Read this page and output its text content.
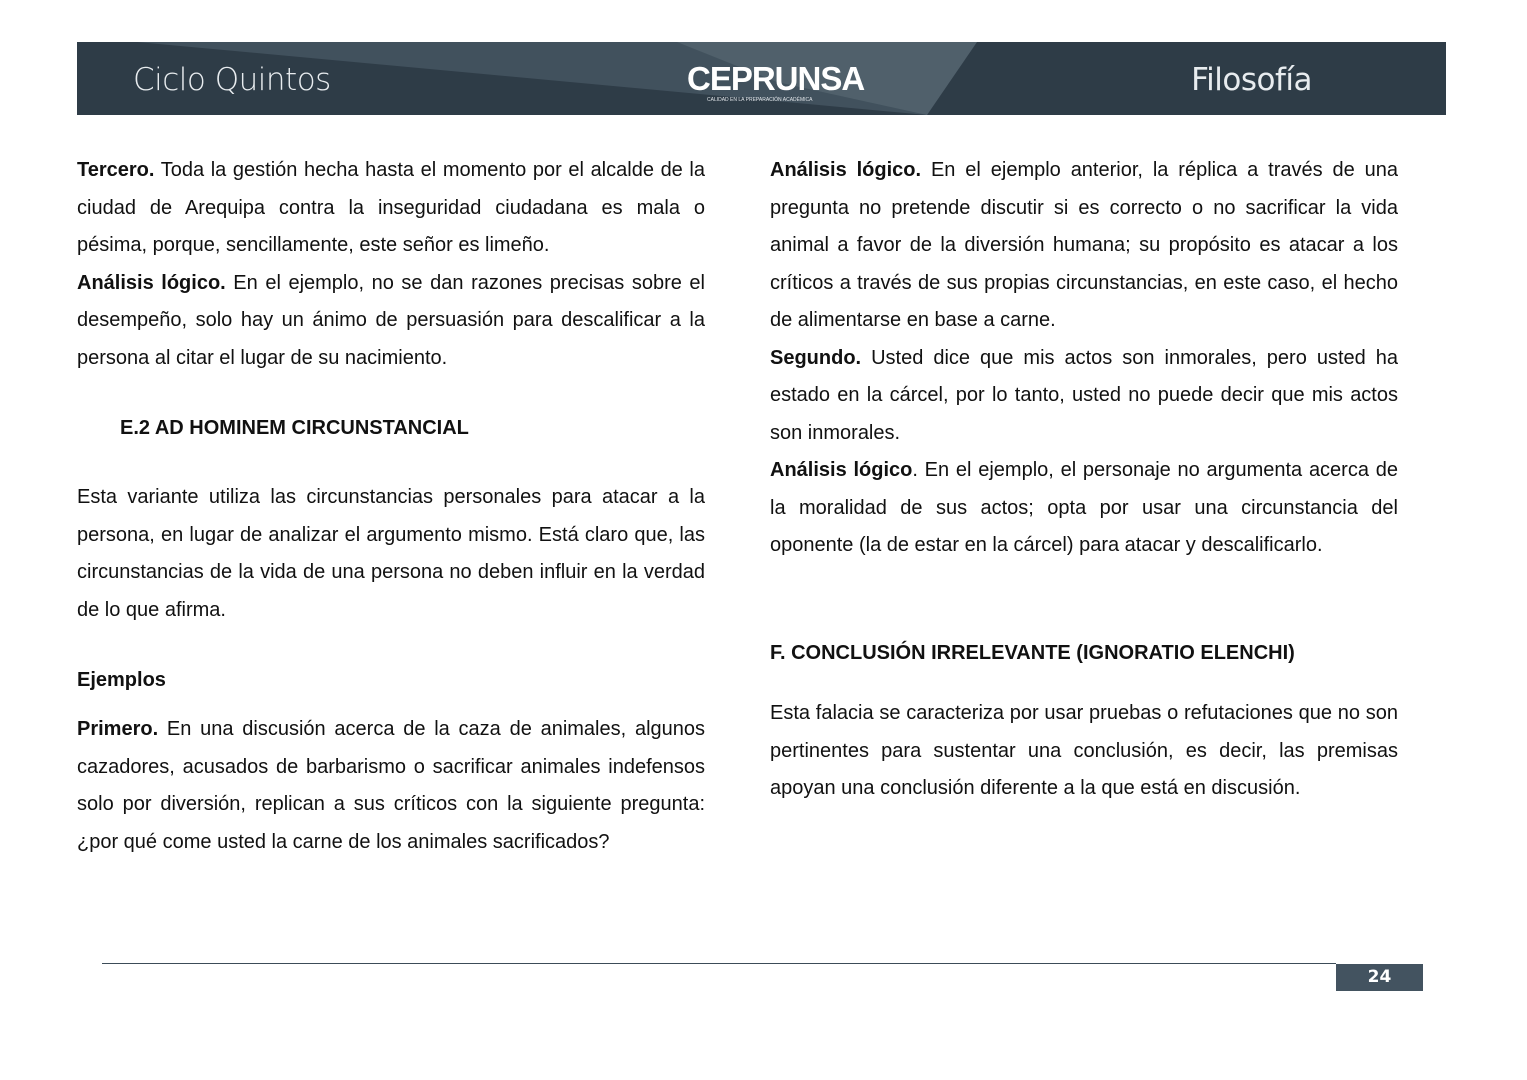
Ciclo Quintos	CEPRUNSA
CALIDAD EN LA PREPARACIÓN ACADÉMICA
Filosofía

Tercero. Toda la gestión hecha hasta el momento por el alcalde de la ciudad de Arequipa contra la inseguridad ciudadana es mala o pésima, porque, sencillamente, este señor es limeño.

Análisis lógico. En el ejemplo, no se dan razones precisas sobre el desempeño, solo hay un ánimo de persuasión para descalificar a la persona al citar el lugar de su nacimiento.

E.2 AD HOMINEM CIRCUNSTANCIAL

Esta variante utiliza las circunstancias personales para atacar a la persona, en lugar de analizar el argumento mismo. Está claro que, las circunstancias de la vida de una persona no deben influir en la verdad de lo que afirma.

Ejemplos

Primero. En una discusión acerca de la caza de animales, algunos cazadores, acusados de barbarismo o sacrificar animales indefensos solo por diversión, replican a sus críticos con la siguiente pregunta: ¿por qué come usted la carne de los animales sacrificados?

Análisis lógico. En el ejemplo anterior, la réplica a través de una pregunta no pretende discutir si es correcto o no sacrificar la vida animal a favor de la diversión humana; su propósito es atacar a los críticos a través de sus propias circunstancias, en este caso, el hecho de alimentarse en base a carne.

Segundo. Usted dice que mis actos son inmorales, pero usted ha estado en la cárcel, por lo tanto, usted no puede decir que mis actos son inmorales.

Análisis lógico. En el ejemplo, el personaje no argumenta acerca de la moralidad de sus actos; opta por usar una circunstancia del oponente (la de estar en la cárcel) para atacar y descalificarlo.

F. CONCLUSIÓN IRRELEVANTE (IGNORATIO ELENCHI)

Esta falacia se caracteriza por usar pruebas o refutaciones que no son pertinentes para sustentar una conclusión, es decir, las premisas apoyan una conclusión diferente a la que está en discusión.

24
